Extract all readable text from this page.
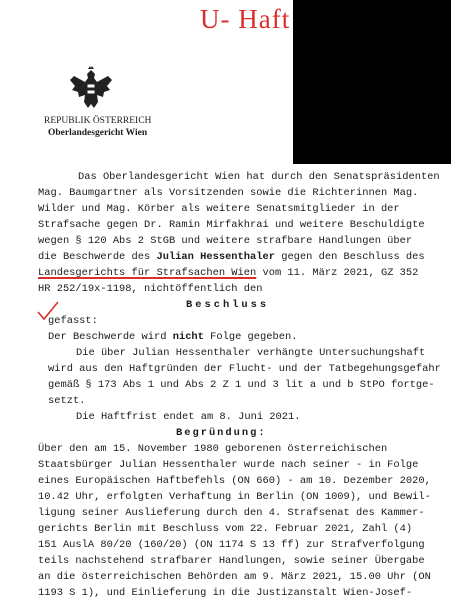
U- Haft
REPUBLIK ÖSTERREICH
Oberlandesgericht Wien
Das Oberlandesgericht Wien hat durch den Senatspräsidenten
Mag. Baumgartner als Vorsitzenden sowie die Richterinnen Mag.
Wilder und Mag. Körber als weitere Senatsmitglieder in der
Strafsache gegen Dr. Ramin Mirfakhrai und weitere Beschuldigte
wegen § 120 Abs 2 StGB und weitere strafbare Handlungen über
die Beschwerde des Julian Hessenthaler gegen den Beschluss des
Landesgerichts für Strafsachen Wien vom 11. März 2021, GZ 352
HR 252/19x-1198, nichtöffentlich den
Beschluss
gefasst:
Der Beschwerde wird nicht Folge gegeben.
Die über Julian Hessenthaler verhängte Untersuchungshaft
wird aus den Haftgründen der Flucht- und der Tatbegehungsgefahr
gemäß § 173 Abs 1 und Abs 2 Z 1 und 3 lit a und b StPO fortge-
setzt.
Die Haftfrist endet am 8. Juni 2021.
Begründung:
Über den am 15. November 1980 geborenen österreichischen
Staatsbürger Julian Hessenthaler wurde nach seiner - in Folge
eines Europäischen Haftbefehls (ON 660) - am 10. Dezember 2020,
10.42 Uhr, erfolgten Verhaftung in Berlin (ON 1009), und Bewil-
ligung seiner Auslieferung durch den 4. Strafsenat des Kammer-
gerichts Berlin mit Beschluss vom 22. Februar 2021, Zahl (4)
151 AuslA 80/20 (160/20) (ON 1174 S 13 ff) zur Strafverfolgung
teils nachstehend strafbarer Handlungen, sowie seiner Übergabe
an die österreichischen Behörden am 9. März 2021, 15.00 Uhr (ON
1193 S 1), und Einlieferung in die Justizanstalt Wien-Josef-
